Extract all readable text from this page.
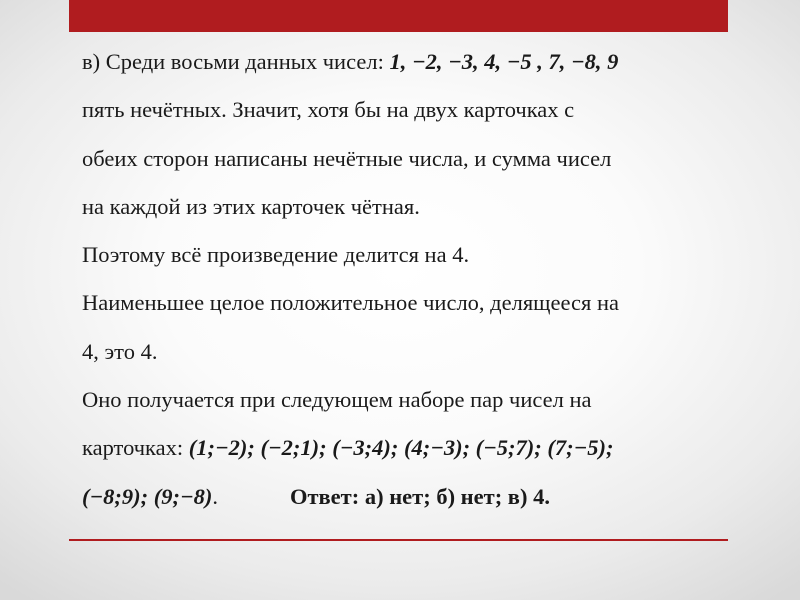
в) Среди восьми данных чисел: 1, −2, −3, 4, −5 , 7, −8, 9
пять нечётных. Значит, хотя бы на двух карточках с
обеих сторон написаны нечётные числа, и сумма чисел
на каждой из этих карточек чётная.
Поэтому всё произведение делится на 4.
Наименьшее целое положительное число, делящееся на
4, это 4.
Оно получается при следующем наборе пар чисел на
карточках: (1;−2); (−2;1); (−3;4); (4;−3); (−5;7); (7;−5);
(−8;9); (9;−8).	Ответ: а) нет; б) нет; в) 4.
